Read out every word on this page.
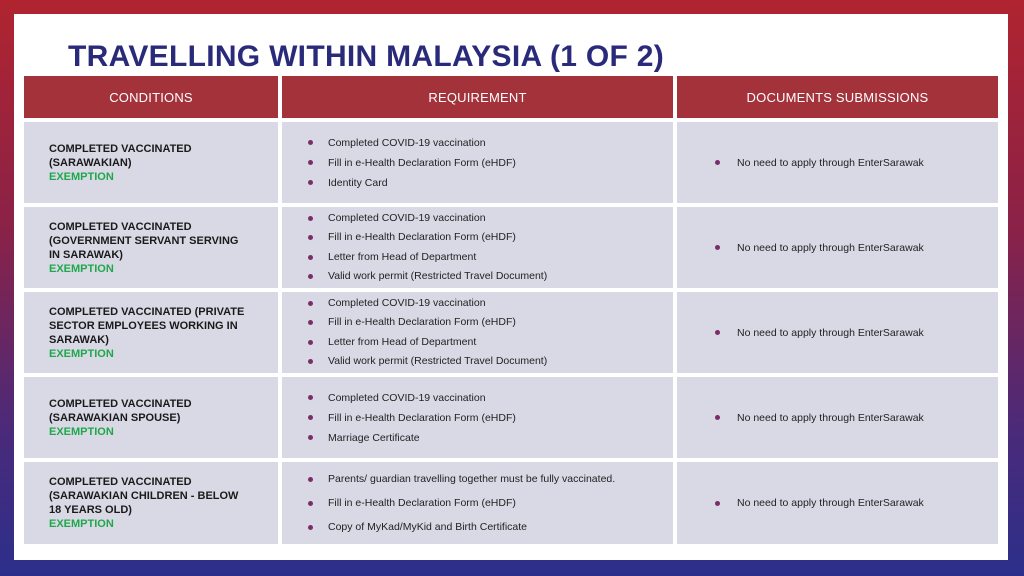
TRAVELLING WITHIN MALAYSIA (1 OF 2)
CONDITIONS	REQUIREMENT	DOCUMENTS SUBMISSIONS
COMPLETED VACCINATED
(SARAWAKIAN)
EXEMPTION
Completed COVID-19 vaccination
Fill in e-Health Declaration Form (eHDF)
Identity Card
No need to apply through EnterSarawak
COMPLETED VACCINATED
(GOVERNMENT SERVANT SERVING
IN SARAWAK)
EXEMPTION
Completed COVID-19 vaccination
Fill in e-Health Declaration Form (eHDF)
Letter from Head of Department
Valid work permit (Restricted Travel Document)
No need to apply through EnterSarawak
COMPLETED VACCINATED (PRIVATE
SECTOR EMPLOYEES WORKING IN
SARAWAK)
EXEMPTION
Completed COVID-19 vaccination
Fill in e-Health Declaration Form (eHDF)
Letter from Head of Department
Valid work permit (Restricted Travel Document)
No need to apply through EnterSarawak
COMPLETED VACCINATED
(SARAWAKIAN SPOUSE)
EXEMPTION
Completed COVID-19 vaccination
Fill in e-Health Declaration Form (eHDF)
Marriage Certificate
No need to apply through EnterSarawak
COMPLETED VACCINATED
(SARAWAKIAN CHILDREN - BELOW
18 YEARS OLD)
EXEMPTION
Parents/ guardian travelling together must be fully vaccinated.
Fill in e-Health Declaration Form (eHDF)
Copy of MyKad/MyKid and Birth Certificate
No need to apply through EnterSarawak
